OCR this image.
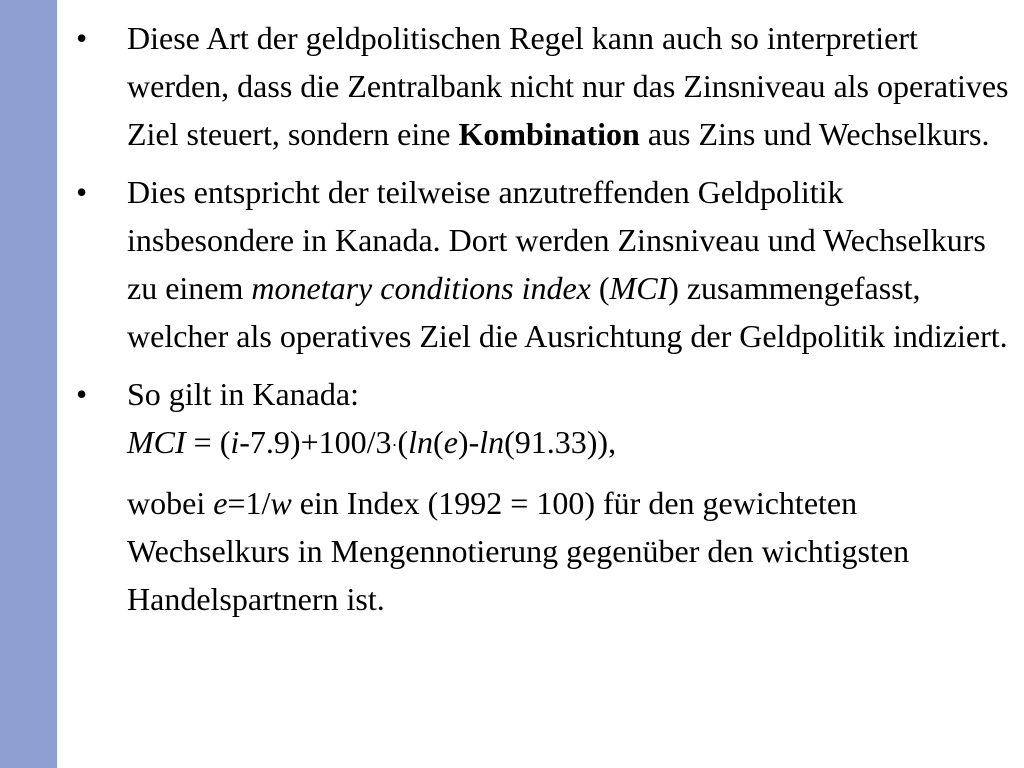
• Diese Art der geldpolitischen Regel kann auch so interpretiert werden, dass die Zentralbank nicht nur das Zinsniveau als operatives Ziel steuert, sondern eine Kombination aus Zins und Wechselkurs.

• Dies entspricht der teilweise anzutreffenden Geldpolitik insbesondere in Kanada. Dort werden Zinsniveau und Wechselkurs zu einem monetary conditions index (MCI) zusammengefasst, welcher als operatives Ziel die Ausrichtung der Geldpolitik indiziert.

• So gilt in Kanada:
MCI = (i-7.9)+100/3·(ln(e)-ln(91.33)),
wobei e=1/w ein Index (1992 = 100) für den gewichteten Wechselkurs in Mengennotierung gegenüber den wichtigsten Handelspartnern ist.
